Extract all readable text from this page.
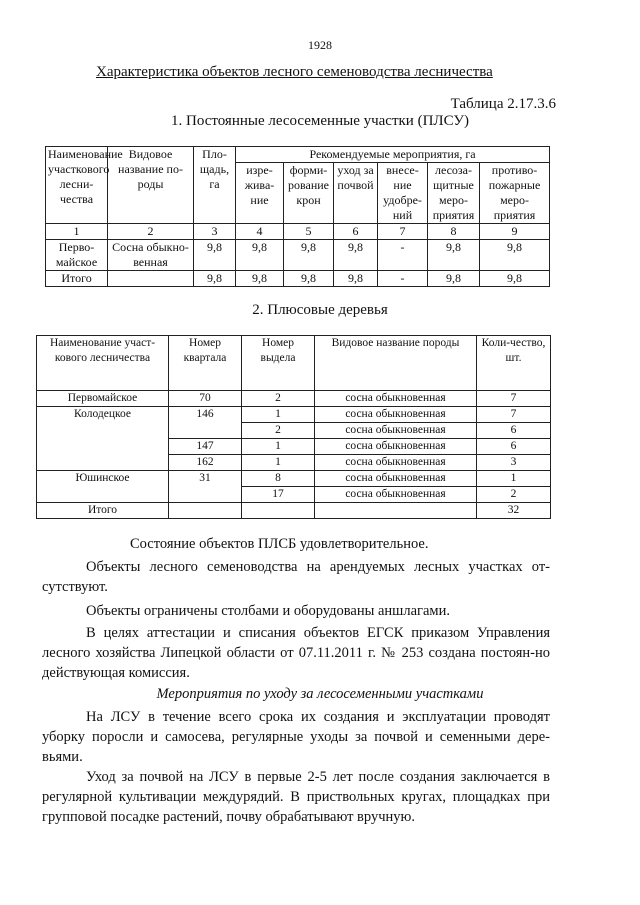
1928
Характеристика объектов лесного семеноводства лесничества
Таблица 2.17.3.6
1. Постоянные лесосеменные участки (ПЛСУ)
Наименование участкового лесни-чества	Видовое название по-роды	Пло-щадь, га	Рекомендуемые мероприятия, га					
			изре-жива-ние	форми-рование крон	уход за почвой	внесе-ние удобре-ний	лесоза-щитные меро-приятия	противо-пожарные меро-приятия
1	2	3	4	5	6	7	8	9
Перво-майское	Сосна обыкно-венная	9,8	9,8	9,8	9,8	-	9,8	9,8
Итого		9,8	9,8	9,8	9,8	-	9,8	9,8
2. Плюсовые деревья
Наименование участ-кового лесничества	Номер квартала	Номер выдела	Видовое название породы	Коли-чество, шт.
Первомайское	70	2	сосна обыкновенная	7
Колодецкое	146	1	сосна обыкновенная	7
		2	сосна обыкновенная	6
	147	1	сосна обыкновенная	6
	162	1	сосна обыкновенная	3
Юшинское	31	8	сосна обыкновенная	1
		17	сосна обыкновенная	2
Итого				32
Состояние объектов ПЛСБ удовлетворительное.
Объекты лесного семеноводства на арендуемых лесных участках от-сутствуют.
Объекты ограничены столбами и оборудованы аншлагами.
В целях аттестации и списания объектов ЕГСК приказом Управления лесного хозяйства Липецкой области от 07.11.2011 г. № 253 создана постоян-но действующая комиссия.
Мероприятия по уходу за лесосеменными участками
На ЛСУ в течение всего срока их создания и эксплуатации проводят уборку поросли и самосева, регулярные уходы за почвой и семенными дере-вьями.
Уход за почвой на ЛСУ в первые 2-5 лет после создания заключается в регулярной культивации междурядий. В приствольных кругах, площадках при групповой посадке растений, почву обрабатывают вручную.
